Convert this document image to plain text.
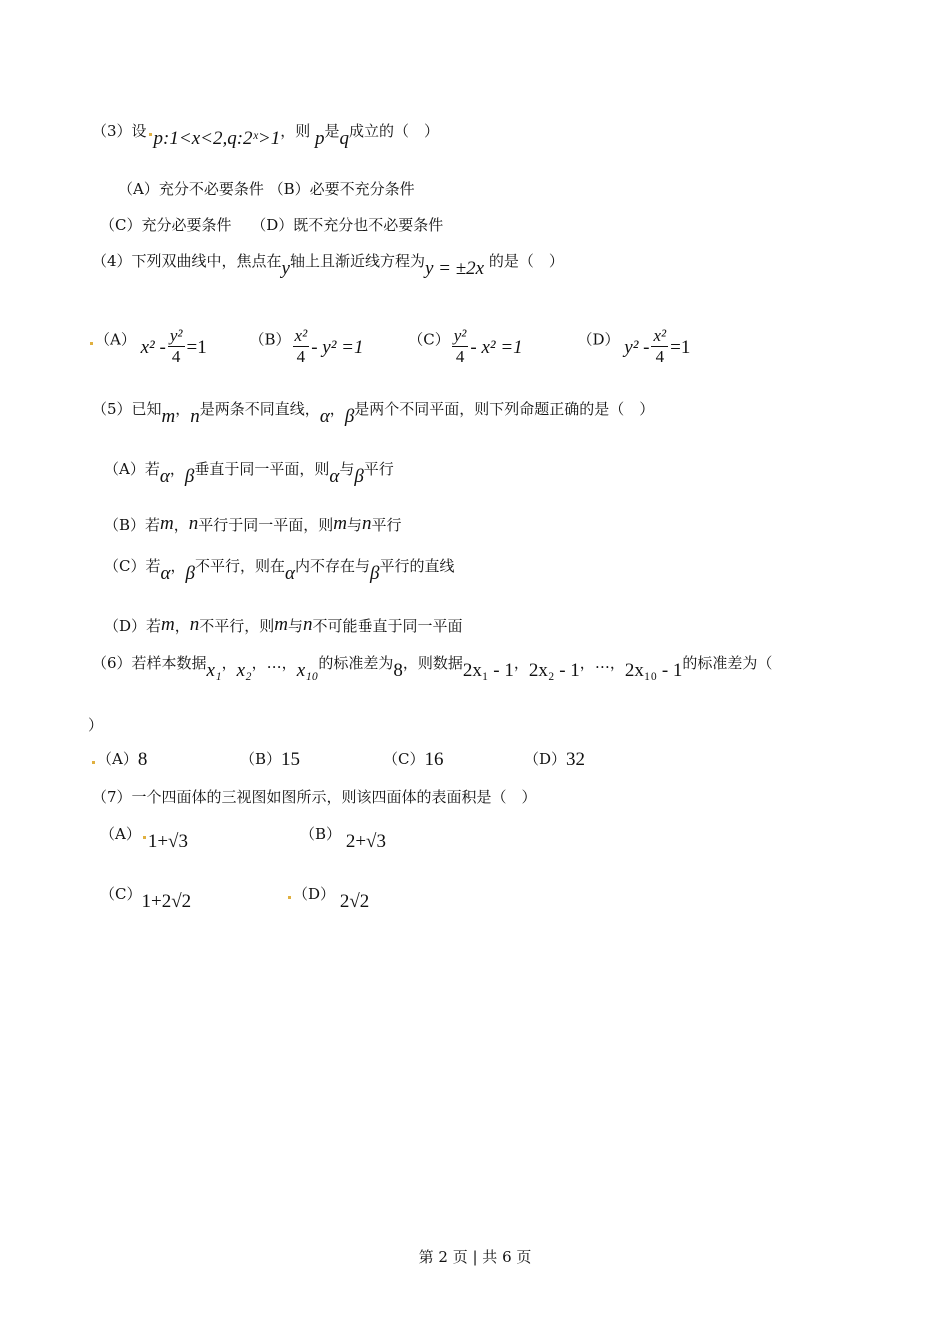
（3）设 p:1<x<2,q:2ˣ>1，则 p是q成立的（　）
（A）充分不必要条件 （B）必要不充分条件
（C）充分必要条件　 （D）既不充分也不必要条件
（4）下列双曲线中，焦点在y轴上且渐近线方程为y = ±2x 的是（　）
（A） $x^2 - \frac{\text{y²}}{4} =1$	$(B) \frac{\text{x²}}{4} - y^2 =1$	$(C) \frac{\text{y²}}{4} - x^2 =1$	（D） $y^2 - \frac{\text{x²}}{4} =1$
（5）已知m，n是两条不同直线，α，β是两个不同平面，则下列命题正确的是（　）
（A）若α，β垂直于同一平面，则α与β平行
（B）若m，n平行于同一平面，则m与n平行
（C）若α，β不平行，则在α内不存在与β平行的直线
（D）若m，n不平行，则m与n不可能垂直于同一平面
（6）若样本数据x₁，x₂，…，x₁₀的标准差为8，则数据2x₁ - 1，2x₂ - 1，…，2x₁₀ - 1的标准差为（
）
（A）8	（B）15	（C）16	（D）32
（7）一个四面体的三视图如图所示，则该四面体的表面积是（　）
（A） 1+√3	（B） 2+√3
（C）1+2√2	（D） 2√2
第 2 页 | 共 6 页
